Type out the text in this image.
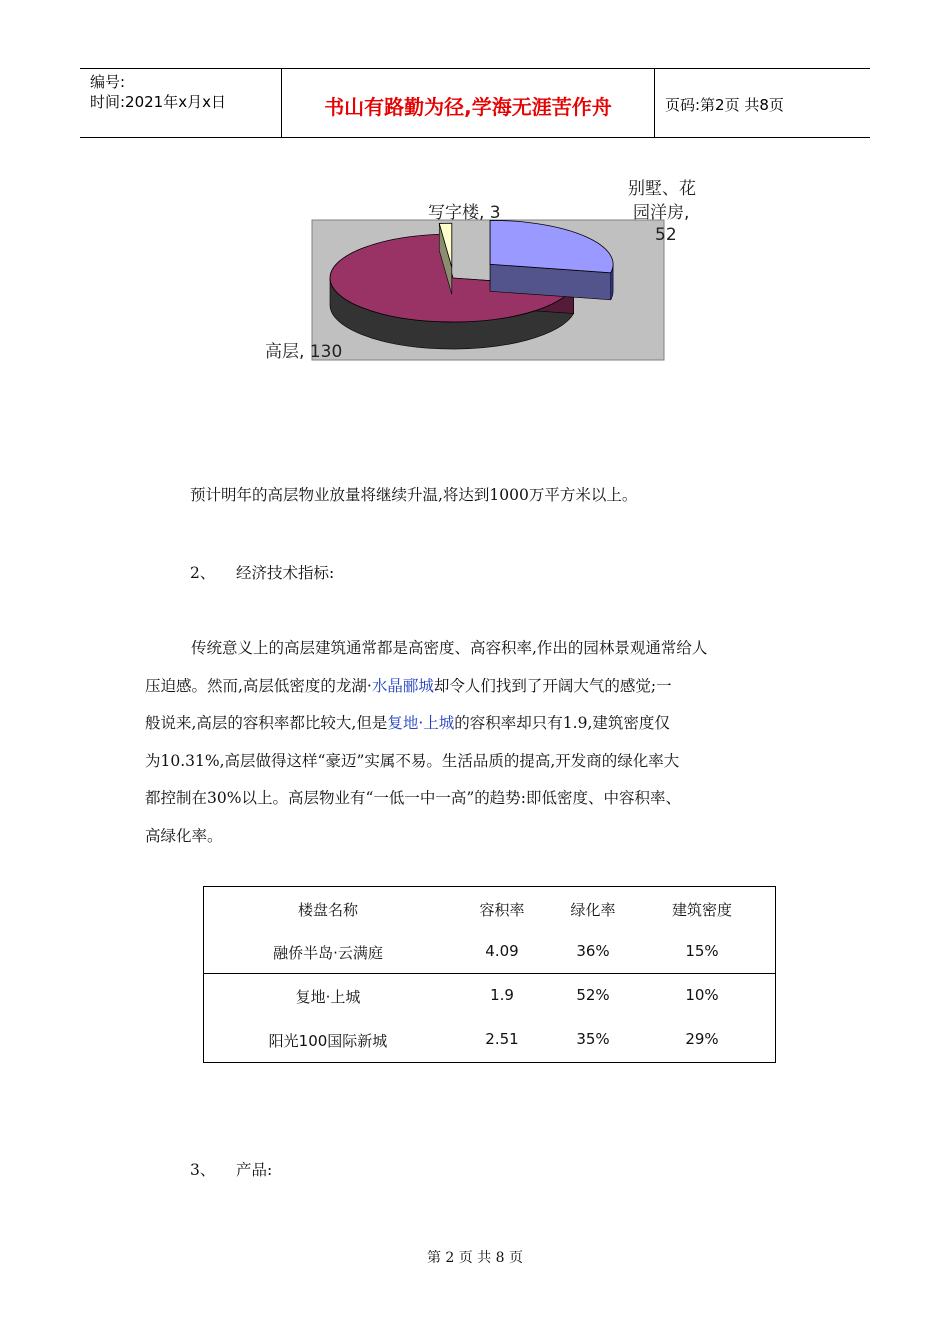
编号:
时间:2021年x月x日	书山有路勤为径,学海无涯苦作舟	页码:第2页 共8页
写字楼, 3
别墅、花
园洋房,
52
高层, 130
预计明年的高层物业放量将继续升温,将达到1000万平方米以上。
2、 经济技术指标:
传统意义上的高层建筑通常都是高密度、高容积率,作出的园林景观通常给人
压迫感。然而,高层低密度的龙湖·水晶郦城却令人们找到了开阔大气的感觉;一
般说来,高层的容积率都比较大,但是复地·上城的容积率却只有1.9,建筑密度仅
为10.31%,高层做得这样“豪迈”实属不易。生活品质的提高,开发商的绿化率大
都控制在30%以上。高层物业有“一低一中一高”的趋势:即低密度、中容积率、
高绿化率。
楼盘名称	容积率	绿化率	建筑密度
融侨半岛·云满庭	4.09	36%	15%
复地·上城	1.9	52%	10%
阳光100国际新城	2.51	35%	29%
3、 产品:
第 2 页 共 8 页
